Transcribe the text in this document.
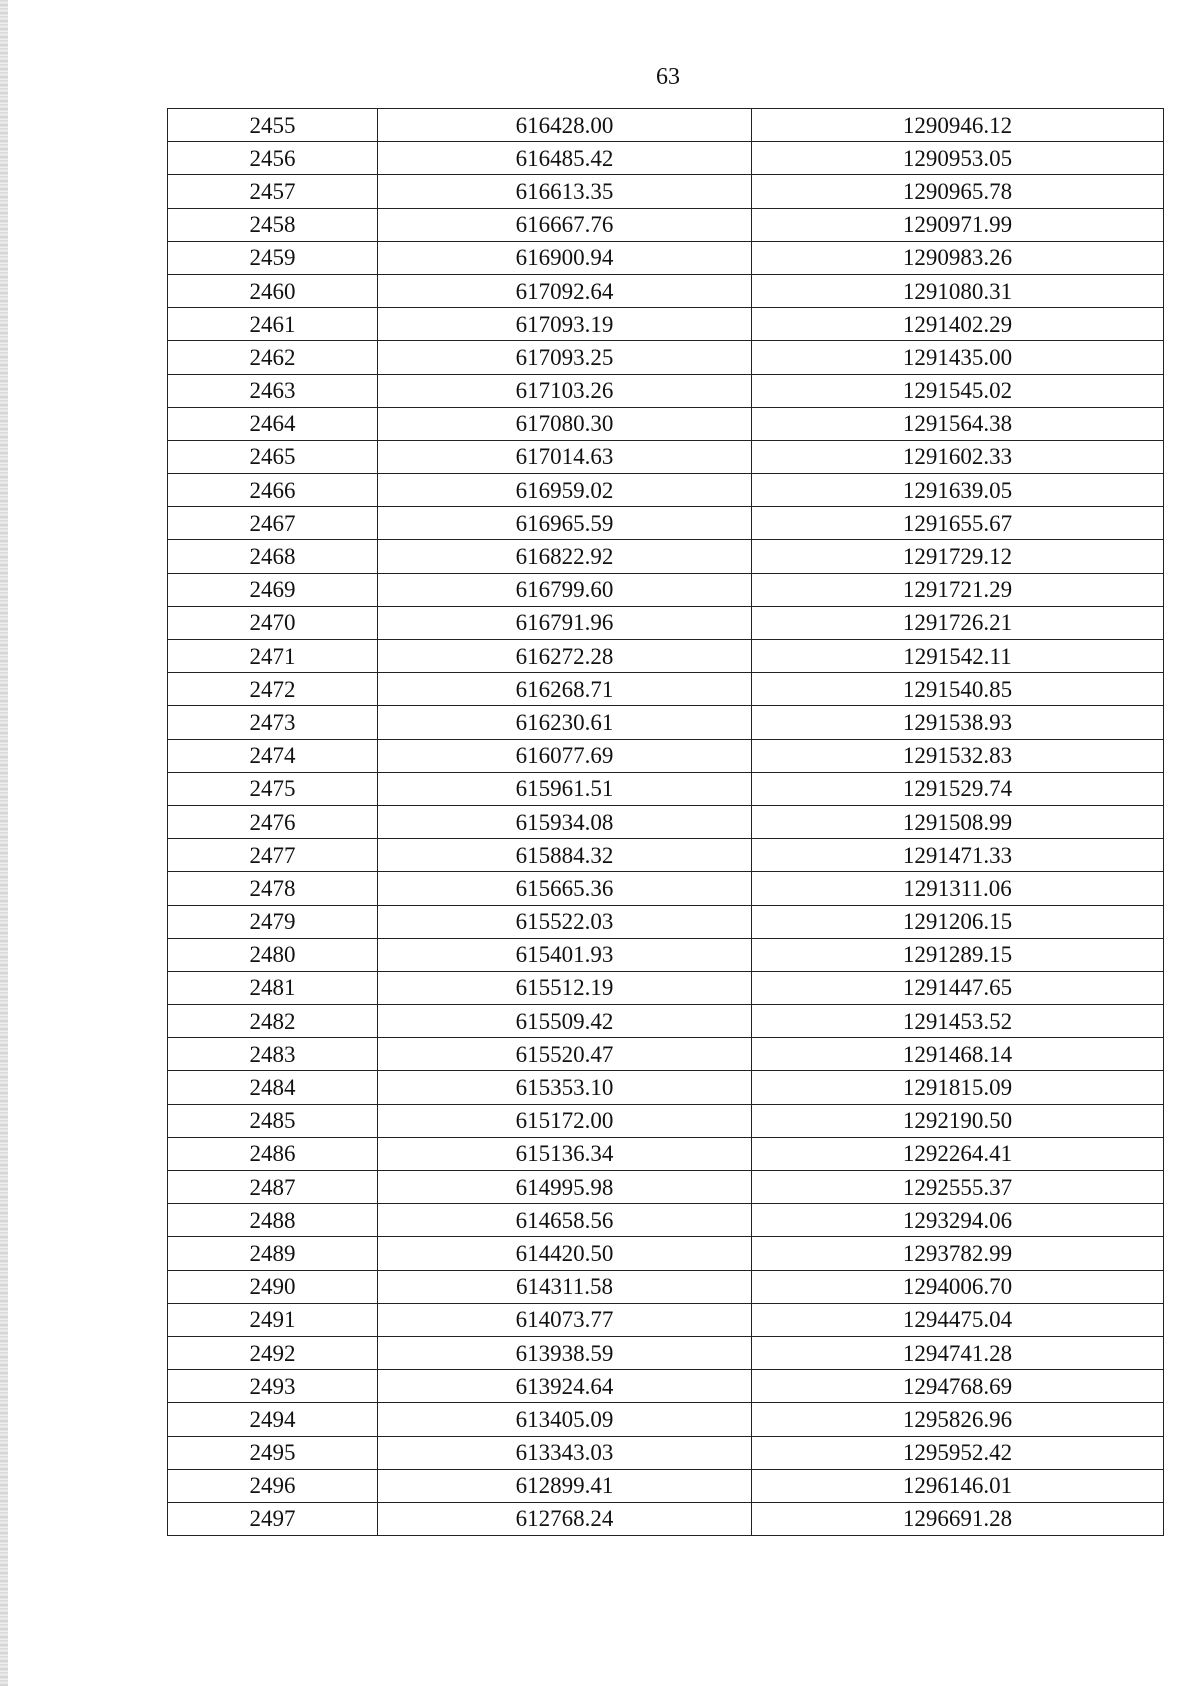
63
2455	616428.00	1290946.12
2456	616485.42	1290953.05
2457	616613.35	1290965.78
2458	616667.76	1290971.99
2459	616900.94	1290983.26
2460	617092.64	1291080.31
2461	617093.19	1291402.29
2462	617093.25	1291435.00
2463	617103.26	1291545.02
2464	617080.30	1291564.38
2465	617014.63	1291602.33
2466	616959.02	1291639.05
2467	616965.59	1291655.67
2468	616822.92	1291729.12
2469	616799.60	1291721.29
2470	616791.96	1291726.21
2471	616272.28	1291542.11
2472	616268.71	1291540.85
2473	616230.61	1291538.93
2474	616077.69	1291532.83
2475	615961.51	1291529.74
2476	615934.08	1291508.99
2477	615884.32	1291471.33
2478	615665.36	1291311.06
2479	615522.03	1291206.15
2480	615401.93	1291289.15
2481	615512.19	1291447.65
2482	615509.42	1291453.52
2483	615520.47	1291468.14
2484	615353.10	1291815.09
2485	615172.00	1292190.50
2486	615136.34	1292264.41
2487	614995.98	1292555.37
2488	614658.56	1293294.06
2489	614420.50	1293782.99
2490	614311.58	1294006.70
2491	614073.77	1294475.04
2492	613938.59	1294741.28
2493	613924.64	1294768.69
2494	613405.09	1295826.96
2495	613343.03	1295952.42
2496	612899.41	1296146.01
2497	612768.24	1296691.28
